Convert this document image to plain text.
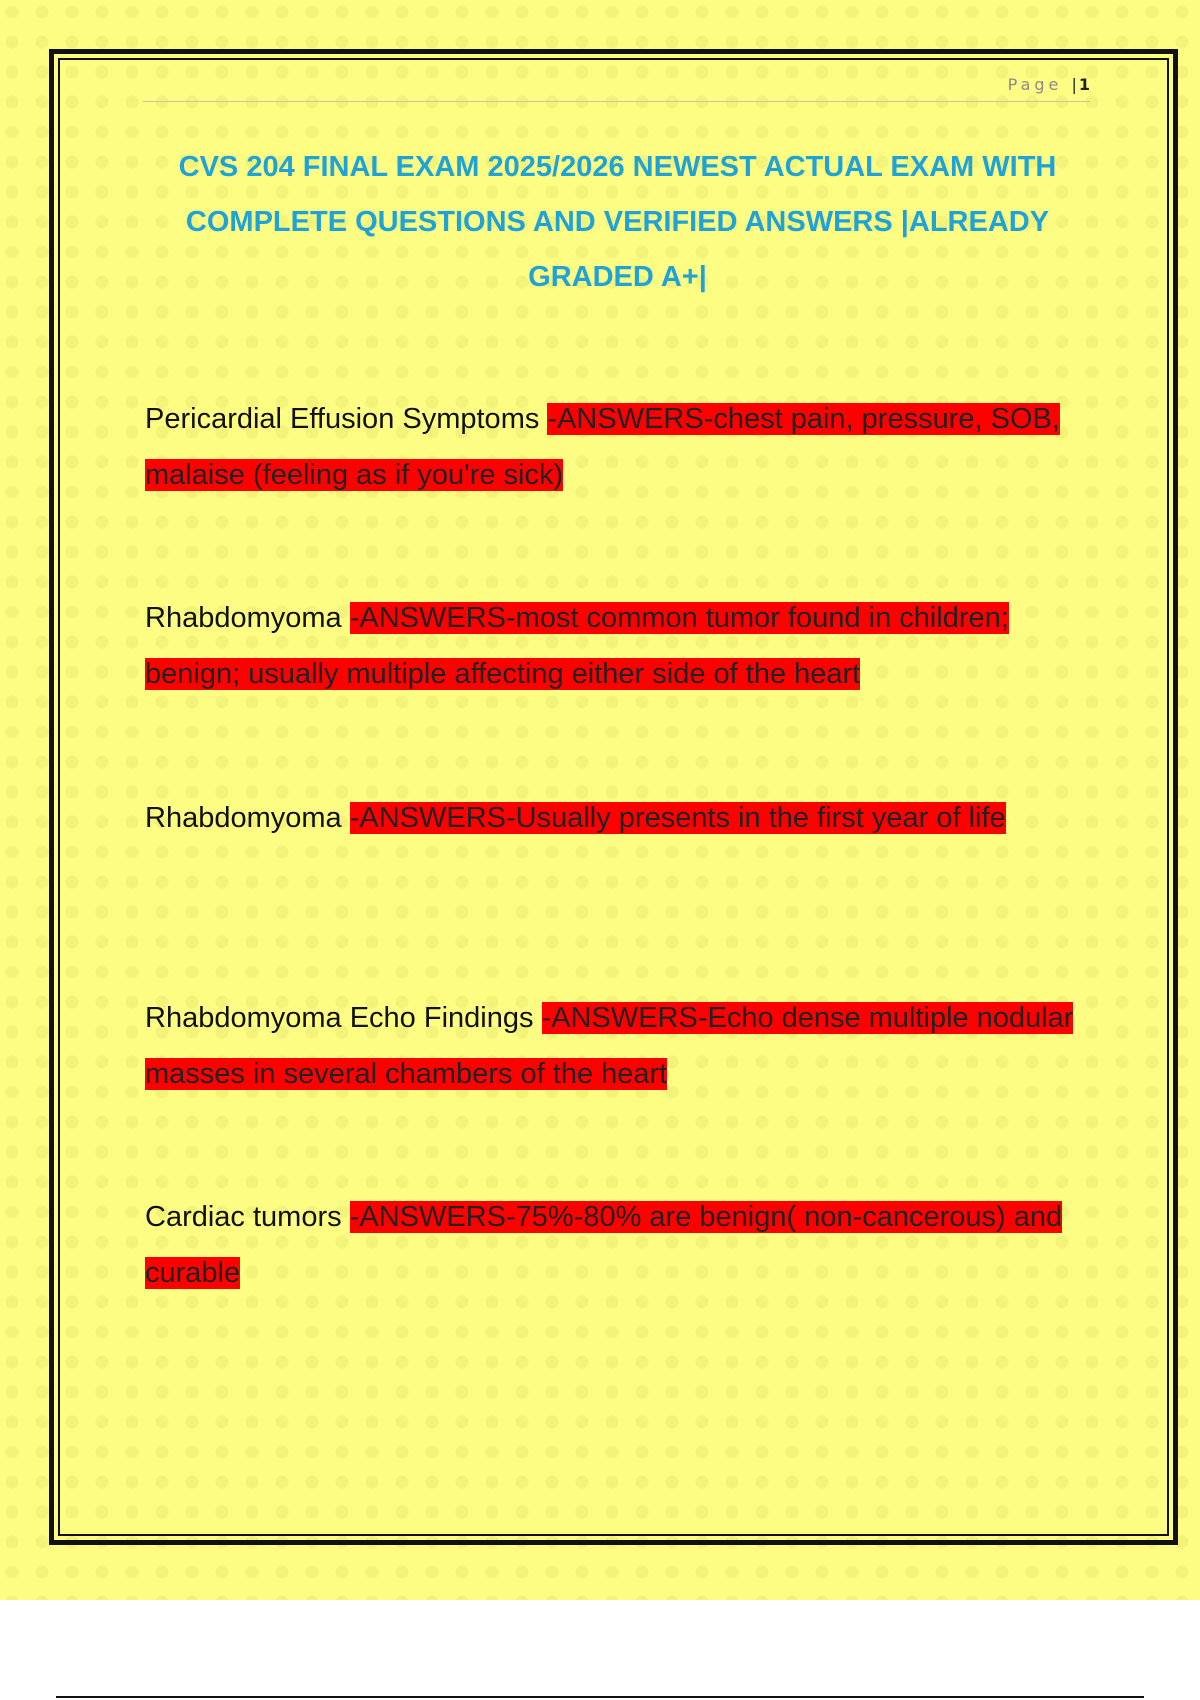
Page |1
CVS 204 FINAL EXAM 2025/2026 NEWEST ACTUAL EXAM WITH COMPLETE QUESTIONS AND VERIFIED ANSWERS |ALREADY GRADED A+|
Pericardial Effusion Symptoms -ANSWERS-chest pain, pressure, SOB, malaise (feeling as if you're sick)
Rhabdomyoma -ANSWERS-most common tumor found in children; benign; usually multiple affecting either side of the heart
Rhabdomyoma -ANSWERS-Usually presents in the first year of life
Rhabdomyoma Echo Findings -ANSWERS-Echo dense multiple nodular masses in several chambers of the heart
Cardiac tumors -ANSWERS-75%-80% are benign( non-cancerous) and curable
